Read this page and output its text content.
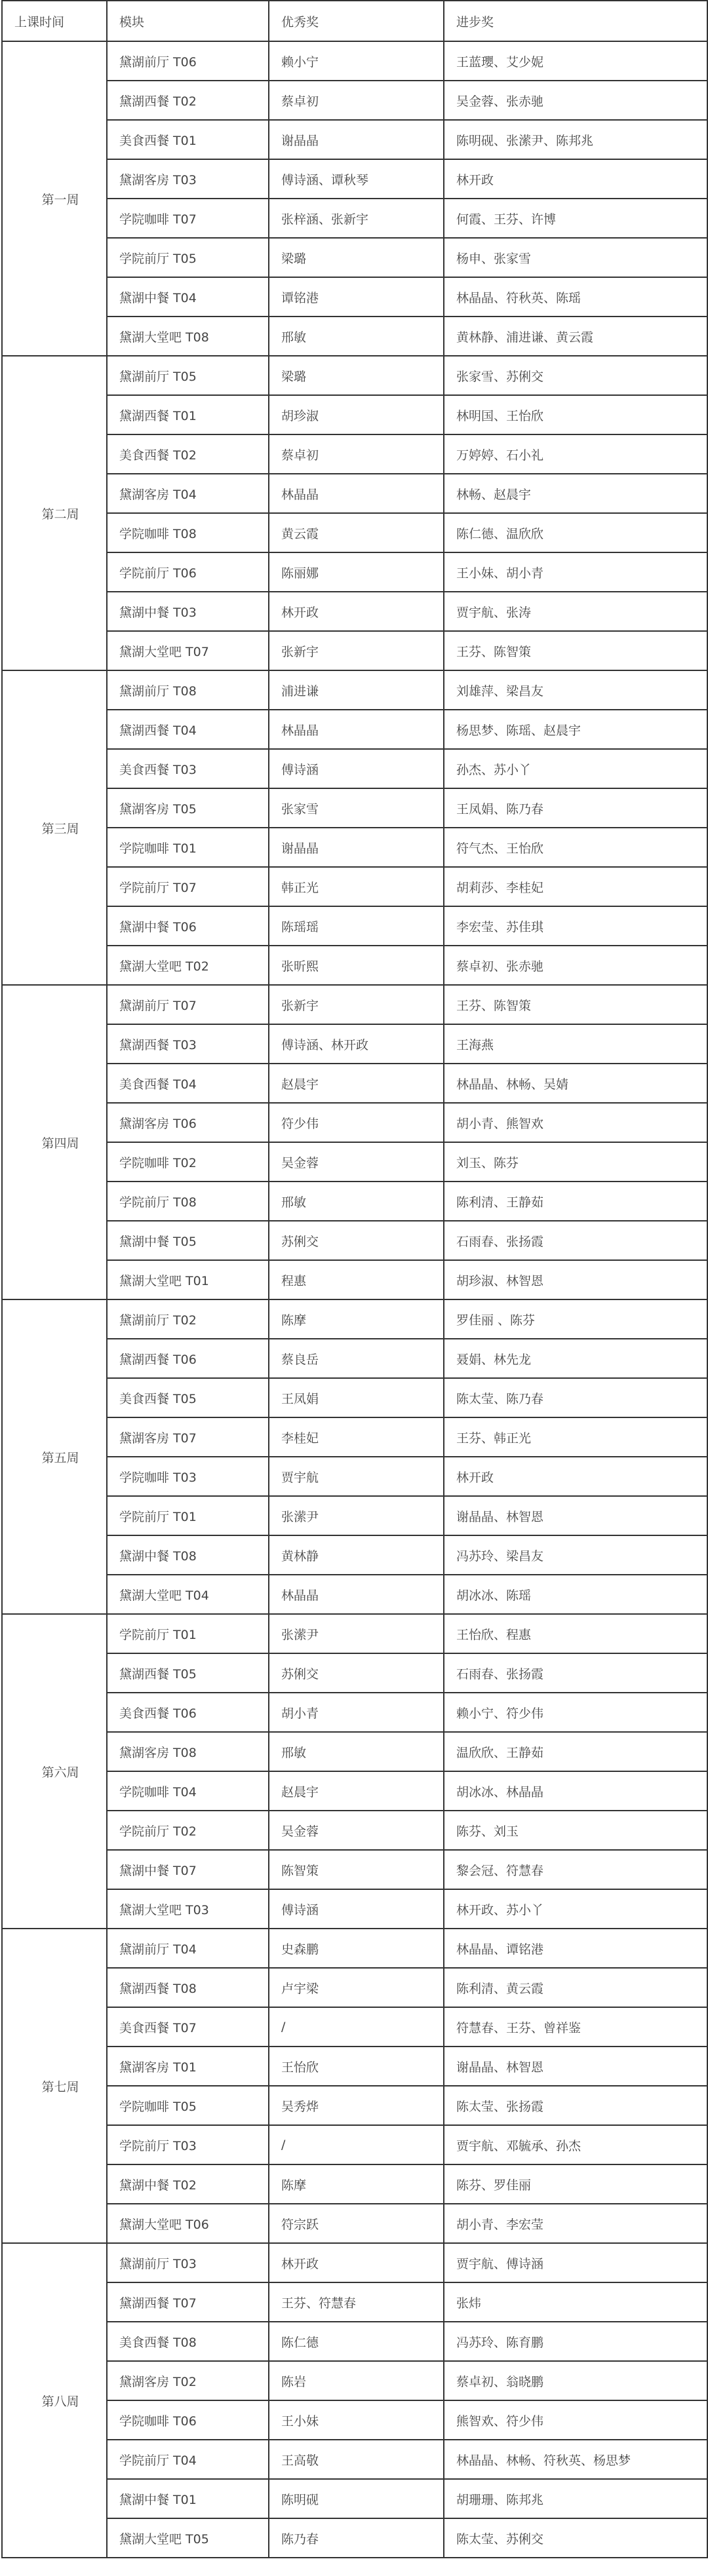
上课时间	模块	优秀奖	进步奖
第一周	黛湖前厅 T06	赖小宁	王蓝瓔、艾少妮
	黛湖西餐 T02	蔡卓初	吴金蓉、张赤驰
	美食西餐 T01	谢晶晶	陈明砚、张潆尹、陈邦兆
	黛湖客房 T03	傅诗涵、谭秋琴	林开政
	学院咖啡 T07	张梓涵、张新宇	何霞、王芬、许博
	学院前厅 T05	梁璐	杨申、张家雪
	黛湖中餐 T04	谭铭港	林晶晶、符秋英、陈瑶
	黛湖大堂吧 T08	邢敏	黄林静、浦进谦、黄云霞
第二周	黛湖前厅 T05	梁璐	张家雪、苏俐交
	黛湖西餐 T01	胡珍淑	林明国、王怡欣
	美食西餐 T02	蔡卓初	万婷婷、石小礼
	黛湖客房 T04	林晶晶	林畅、赵晨宇
	学院咖啡 T08	黄云霞	陈仁德、温欣欣
	学院前厅 T06	陈丽娜	王小妹、胡小青
	黛湖中餐 T03	林开政	贾宇航、张涛
	黛湖大堂吧 T07	张新宇	王芬、陈智策
第三周	黛湖前厅 T08	浦进谦	刘雄萍、梁昌友
	黛湖西餐 T04	林晶晶	杨思梦、陈瑶、赵晨宇
	美食西餐 T03	傅诗涵	孙杰、苏小丫
	黛湖客房 T05	张家雪	王凤娟、陈乃春
	学院咖啡 T01	谢晶晶	符气杰、王怡欣
	学院前厅 T07	韩正光	胡莉莎、李桂妃
	黛湖中餐 T06	陈瑶瑶	李宏莹、苏佳琪
	黛湖大堂吧 T02	张昕熙	蔡卓初、张赤驰
第四周	黛湖前厅 T07	张新宇	王芬、陈智策
	黛湖西餐 T03	傅诗涵、林开政	王海燕
	美食西餐 T04	赵晨宇	林晶晶、林畅、吴婧
	黛湖客房 T06	符少伟	胡小青、熊智欢
	学院咖啡 T02	吴金蓉	刘玉、陈芬
	学院前厅 T08	邢敏	陈利清、王静茹
	黛湖中餐 T05	苏俐交	石雨春、张扬霞
	黛湖大堂吧 T01	程惠	胡珍淑、林智恩
第五周	黛湖前厅 T02	陈摩	罗佳丽 、陈芬
	黛湖西餐 T06	蔡良岳	聂娟、林先龙
	美食西餐 T05	王凤娟	陈太莹、陈乃春
	黛湖客房 T07	李桂妃	王芬、韩正光
	学院咖啡 T03	贾宇航	林开政
	学院前厅 T01	张潆尹	谢晶晶、林智恩
	黛湖中餐 T08	黄林静	冯苏玲、梁昌友
	黛湖大堂吧 T04	林晶晶	胡冰冰、陈瑶
第六周	学院前厅 T01	张潆尹	王怡欣、程惠
	黛湖西餐 T05	苏俐交	石雨春、张扬霞
	美食西餐 T06	胡小青	赖小宁、符少伟
	黛湖客房 T08	邢敏	温欣欣、王静茹
	学院咖啡 T04	赵晨宇	胡冰冰、林晶晶
	学院前厅 T02	吴金蓉	陈芬、刘玉
	黛湖中餐 T07	陈智策	黎会冠、符慧春
	黛湖大堂吧 T03	傅诗涵	林开政、苏小丫
第七周	黛湖前厅 T04	史森鹏	林晶晶、谭铭港
	黛湖西餐 T08	卢宇梁	陈利清、黄云霞
	美食西餐 T07	/	符慧春、王芬、曾祥鉴
	黛湖客房 T01	王怡欣	谢晶晶、林智恩
	学院咖啡 T05	吴秀烨	陈太莹、张扬霞
	学院前厅 T03	/	贾宇航、邓毓承、孙杰
	黛湖中餐 T02	陈摩	陈芬、罗佳丽
	黛湖大堂吧 T06	符宗跃	胡小青、李宏莹
第八周	黛湖前厅 T03	林开政	贾宇航、傅诗涵
	黛湖西餐 T07	王芬、符慧春	张炜
	美食西餐 T08	陈仁德	冯苏玲、陈育鹏
	黛湖客房 T02	陈岩	蔡卓初、翁晓鹏
	学院咖啡 T06	王小妹	熊智欢、符少伟
	学院前厅 T04	王高敬	林晶晶、林畅、符秋英、杨思梦
	黛湖中餐 T01	陈明砚	胡珊珊、陈邦兆
	黛湖大堂吧 T05	陈乃春	陈太莹、苏俐交
